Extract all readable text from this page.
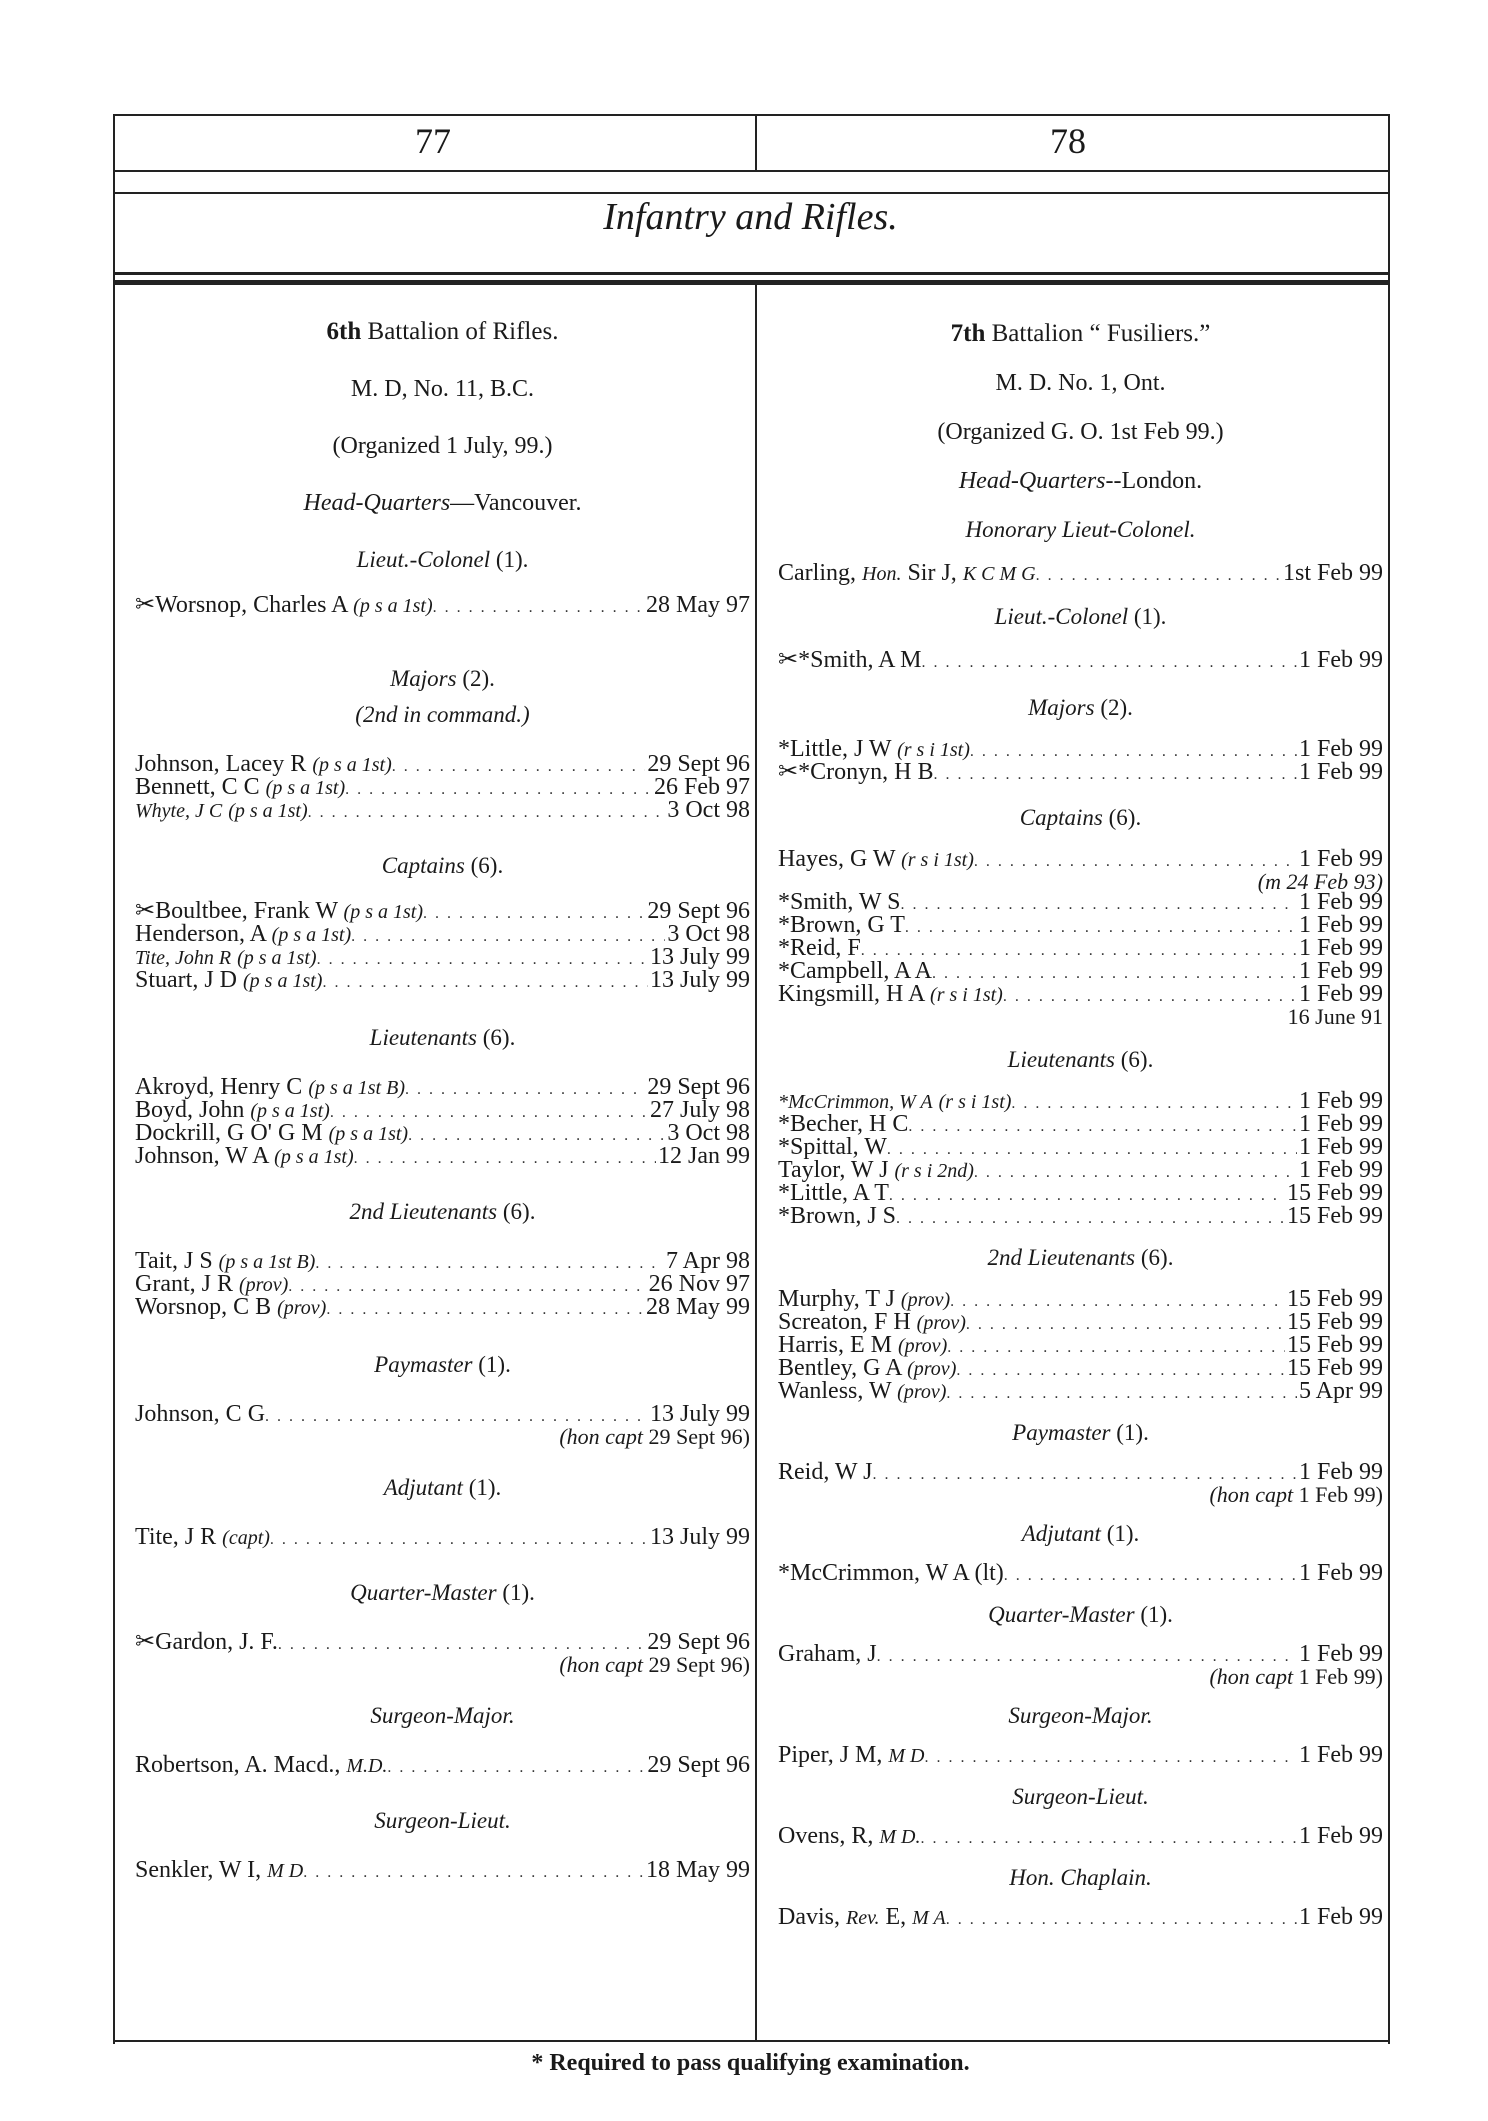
77	78
Infantry and Rifles.
6th Battalion of Rifles.
M. D, No. 11, B.C.
(Organized 1 July, 99.)
Head-Quarters—Vancouver.
Lieut.-Colonel (1).
✂Worsnop, Charles A (p s a 1st) . . .	28 May 97
Majors (2).
(2nd in command.)
Johnson, Lacey R (p s a 1st) . . .	29 Sept 96
Bennett, C C (p s a 1st) . . .	26 Feb 97
Whyte, J C (p s a 1st) . . .	3 Oct 98
Captains (6).
✂Boultbee, Frank W (p s a 1st) . . .	29 Sept 96
Henderson, A (p s a 1st) . . .	3 Oct 98
Tite, John R (p s a 1st) . . .	13 July 99
Stuart, J D (p s a 1st) . . .	13 July 99
Lieutenants (6).
Akroyd, Henry C (p s a 1st B) . . .	29 Sept 96
Boyd, John (p s a 1st) . . .	27 July 98
Dockrill, G O' G M (p s a 1st) . . .	3 Oct 98
Johnson, W A (p s a 1st) . . .	12 Jan 99
2nd Lieutenants (6).
Tait, J S (p s a 1st B) . . .	7 Apr 98
Grant, J R (prov) . . .	26 Nov 97
Worsnop, C B (prov) . . .	28 May 99
Paymaster (1).
Johnson, C G . . .	13 July 99
(hon capt 29 Sept 96)
Adjutant (1).
Tite, J R (capt) . . .	13 July 99
Quarter-Master (1).
✂Gardon, J. F. . . .	29 Sept 96
(hon capt 29 Sept 96)
Surgeon-Major.
Robertson, A. Macd., M.D. . . .	29 Sept 96
Surgeon-Lieut.
Senkler, W I, M D . . .	18 May 99
7th Battalion “ Fusiliers.”
M. D. No. 1, Ont.
(Organized G. O. 1st Feb 99.)
Head-Quarters--London.
Honorary Lieut-Colonel.
Carling, Hon. Sir J, K C M G . . .	1st Feb 99
Lieut.-Colonel (1).
✂*Smith, A M . . .	1 Feb 99
Majors (2).
*Little, J W (r s i 1st) . . .	1 Feb 99
✂*Cronyn, H B . . .	1 Feb 99
Captains (6).
Hayes, G W (r s i 1st) . . .	1 Feb 99
(m 24 Feb 93)
*Smith, W S . . .	1 Feb 99
*Brown, G T . . .	1 Feb 99
*Reid, F . . .	1 Feb 99
*Campbell, A A . . .	1 Feb 99
Kingsmill, H A (r s i 1st) . . .	1 Feb 99
16 June 91
Lieutenants (6).
*McCrimmon, W A (r s i 1st) . . .	1 Feb 99
*Becher, H C . . .	1 Feb 99
*Spittal, W . . .	1 Feb 99
Taylor, W J (r s i 2nd) . . .	1 Feb 99
*Little, A T . . .	15 Feb 99
*Brown, J S . . .	15 Feb 99
2nd Lieutenants (6).
Murphy, T J (prov) . . .	15 Feb 99
Screaton, F H (prov) . . .	15 Feb 99
Harris, E M (prov) . . .	15 Feb 99
Bentley, G A (prov) . . .	15 Feb 99
Wanless, W (prov) . . .	5 Apr 99
Paymaster (1).
Reid, W J . . .	1 Feb 99
(hon capt 1 Feb 99)
Adjutant (1).
*McCrimmon, W A (lt) . . .	1 Feb 99
Quarter-Master (1).
Graham, J . . .	1 Feb 99
(hon capt 1 Feb 99)
Surgeon-Major.
Piper, J M, M D . . .	1 Feb 99
Surgeon-Lieut.
Ovens, R, M D. . . .	1 Feb 99
Hon. Chaplain.
Davis, Rev. E, M A . . .	1 Feb 99
* Required to pass qualifying examination.
